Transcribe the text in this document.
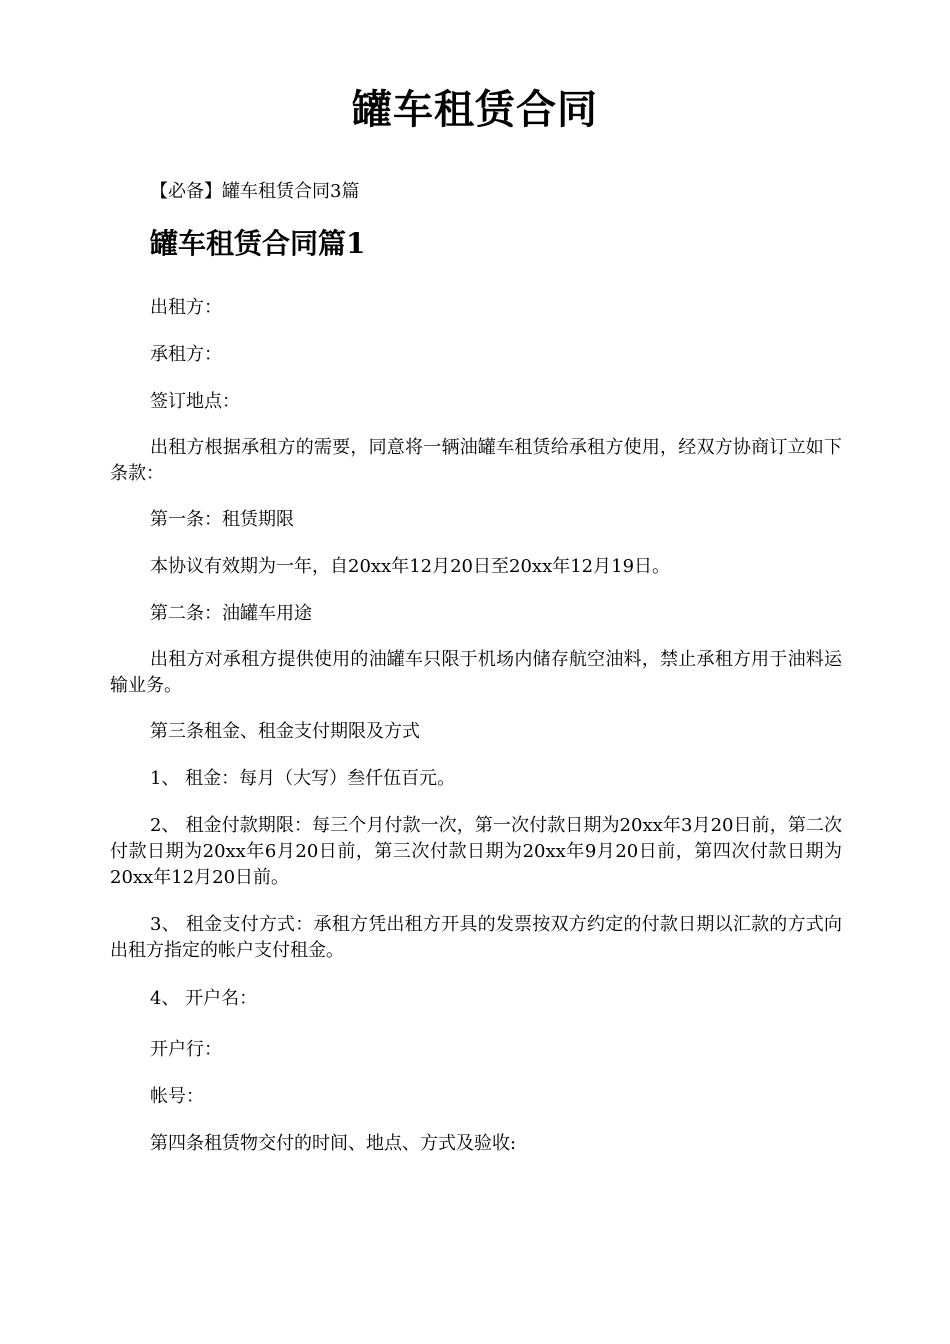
罐车租赁合同

【必备】罐车租赁合同3篇

罐车租赁合同篇1

出租方：

承租方：

签订地点：

出租方根据承租方的需要，同意将一辆油罐车租赁给承租方使用，经双方协商订立如下条款：

第一条：租赁期限

本协议有效期为一年，自20xx年12月20日至20xx年12月19日。

第二条：油罐车用途

出租方对承租方提供使用的油罐车只限于机场内储存航空油料，禁止承租方用于油料运输业务。

第三条租金、租金支付期限及方式

1、 租金：每月（大写）叁仟伍百元。

2、 租金付款期限：每三个月付款一次，第一次付款日期为20xx年3月20日前，第二次付款日期为20xx年6月20日前，第三次付款日期为20xx年9月20日前，第四次付款日期为20xx年12月20日前。

3、 租金支付方式：承租方凭出租方开具的发票按双方约定的付款日期以汇款的方式向出租方指定的帐户支付租金。

4、 开户名：

开户行：

帐号：

第四条租赁物交付的时间、地点、方式及验收:
